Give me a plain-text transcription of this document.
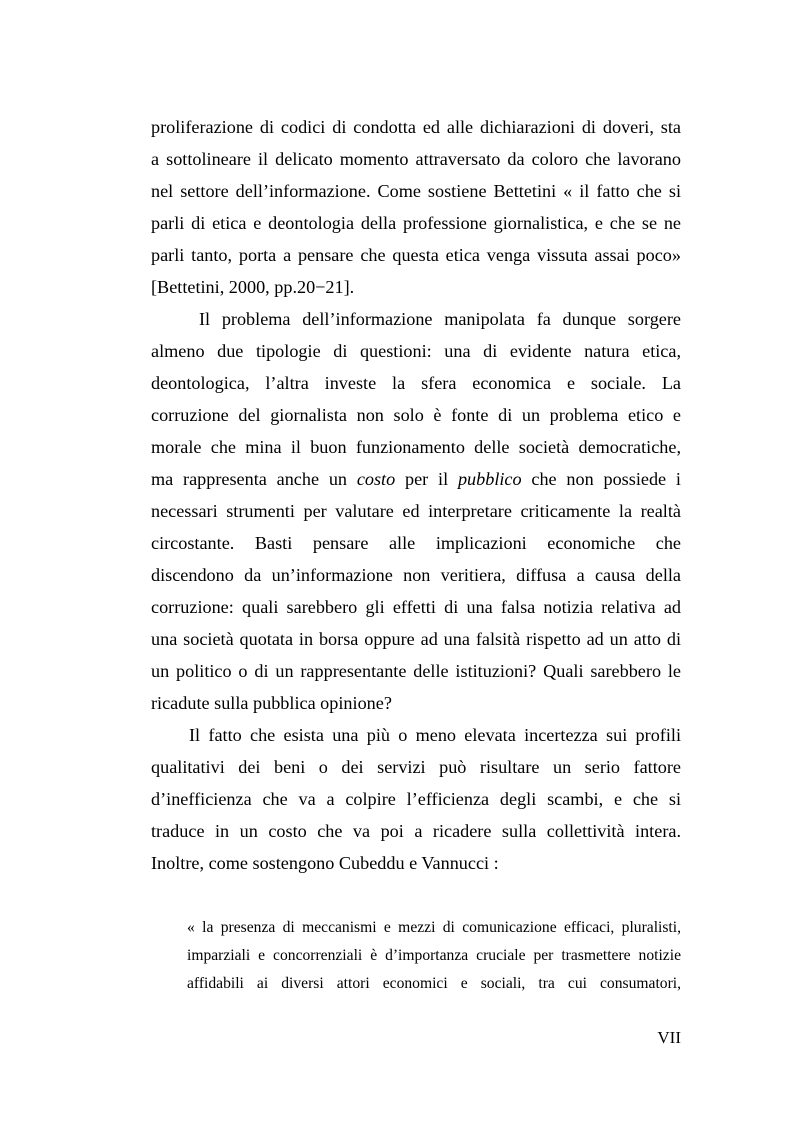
proliferazione di codici di condotta ed alle dichiarazioni di doveri, sta
a sottolineare il delicato momento attraversato da coloro che lavorano
nel settore dell’informazione. Come sostiene Bettetini « il fatto che si
parli di etica e deontologia della professione giornalistica, e che se ne
parli tanto, porta a pensare che questa etica venga vissuta assai poco»
[Bettetini, 2000, pp.20−21].
Il problema dell’informazione manipolata fa dunque sorgere
almeno due tipologie di questioni: una di evidente natura etica,
deontologica, l’altra investe la sfera economica e sociale. La
corruzione del giornalista non solo è fonte di un problema etico e
morale che mina il buon funzionamento delle società democratiche,
ma rappresenta anche un costo per il pubblico che non possiede i
necessari strumenti per valutare ed interpretare criticamente la realtà
circostante. Basti pensare alle implicazioni economiche che
discendono da un’informazione non veritiera, diffusa a causa della
corruzione: quali sarebbero gli effetti di una falsa notizia relativa ad
una società quotata in borsa oppure ad una falsità rispetto ad un atto di
un politico o di un rappresentante delle istituzioni? Quali sarebbero le
ricadute sulla pubblica opinione?
Il fatto che esista una più o meno elevata incertezza sui profili
qualitativi dei beni o dei servizi può risultare un serio fattore
d’inefficienza che va a colpire l’efficienza degli scambi, e che si
traduce in un costo che va poi a ricadere sulla collettività intera.
Inoltre, come sostengono Cubeddu e Vannucci :
« la presenza di meccanismi e mezzi di comunicazione efficaci, pluralisti,
imparziali e concorrenziali è d’importanza cruciale per trasmettere notizie
affidabili ai diversi attori economici e sociali, tra cui consumatori,
VII
